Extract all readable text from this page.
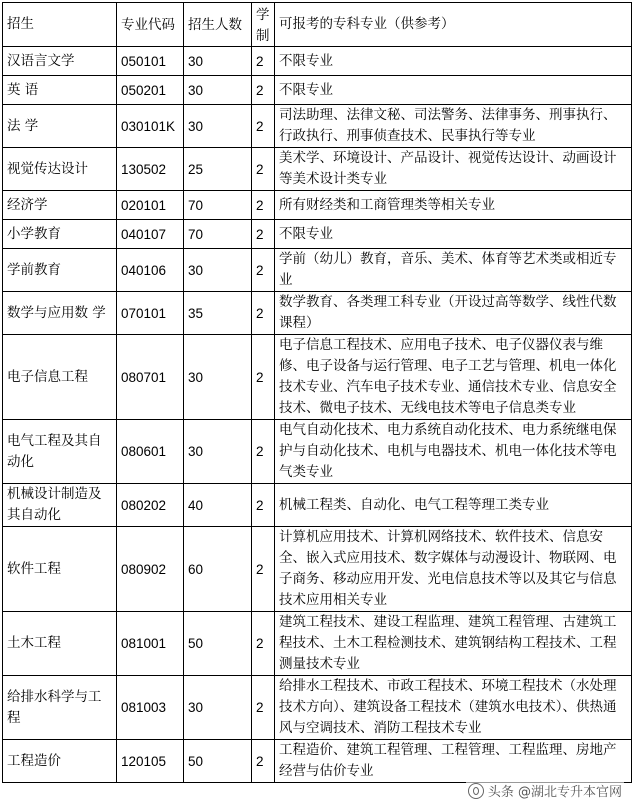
招生	专业代码	招生人数	学制	可报考的专科专业（供参考）
汉语言文学	050101	30	2	不限专业
英 语	050201	30	2	不限专业
法 学	030101K	30	2	司法助理、法律文秘、司法警务、法律事务、刑事执行、行政执行、刑事侦查技术、民事执行等专业
视觉传达设计	130502	25	2	美术学、环境设计、产品设计、视觉传达设计、动画设计等美术设计类专业
经济学	020101	70	2	所有财经类和工商管理类等相关专业
小学教育	040107	70	2	不限专业
学前教育	040106	30	2	学前（幼儿）教育，音乐、美术、体育等艺术类或相近专业
数学与应用数 学	070101	35	2	数学教育、各类理工科专业（开设过高等数学、线性代数课程）
电子信息工程	080701	30	2	电子信息工程技术、应用电子技术、电子仪器仪表与维修、电子设备与运行管理、电子工艺与管理、机电一体化技术专业、汽车电子技术专业、通信技术专业、信息安全技术、微电子技术、无线电技术等电子信息类专业
电气工程及其自动化	080601	30	2	电气自动化技术、电力系统自动化技术、电力系统继电保护与自动化技术、电机与电器技术、机电一体化技术等电气类专业
机械设计制造及其自动化	080202	40	2	机械工程类、自动化、电气工程等理工类专业
软件工程	080902	60	2	计算机应用技术、计算机网络技术、软件技术、信息安全、嵌入式应用技术、数字媒体与动漫设计、物联网、电子商务、移动应用开发、光电信息技术等以及其它与信息技术应用相关专业
土木工程	081001	50	2	建筑工程技术、建设工程监理、建筑工程管理、古建筑工程技术、土木工程检测技术、建筑钢结构工程技术、工程测量技术专业
给排水科学与工程	081003	30	2	给排水工程技术、市政工程技术、环境工程技术（水处理技术方向）、建筑设备工程技术（建筑水电技术）、供热通风与空调技术、消防工程技术专业
工程造价	120105	50	2	工程造价、建筑工程管理、工程管理、工程监理、房地产经营与估价专业
头条 @湖北专升本官网
